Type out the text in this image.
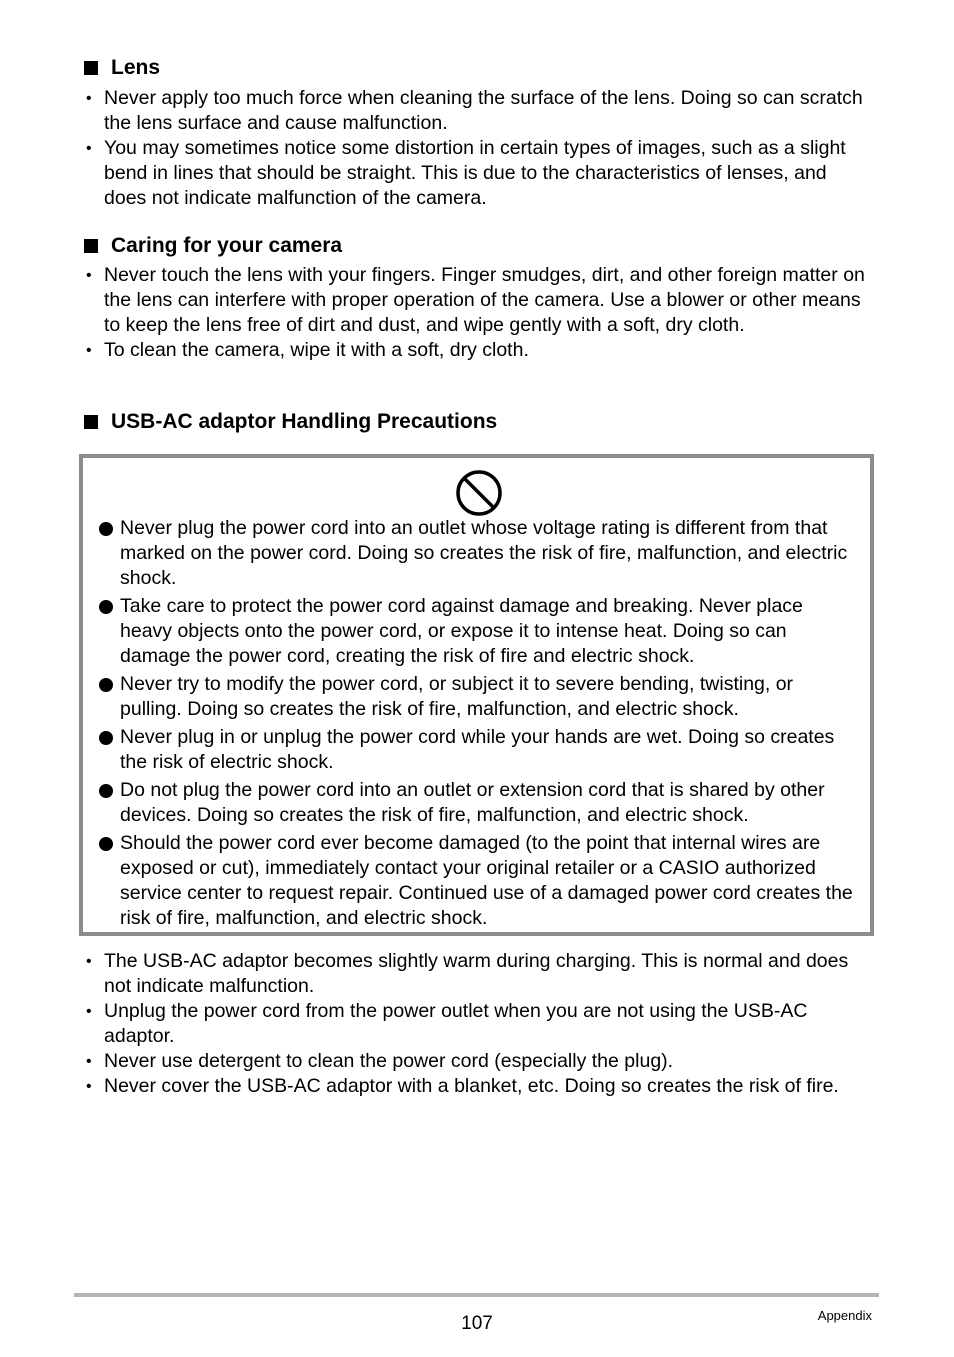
Lens
• Never apply too much force when cleaning the surface of the lens. Doing so can scratch the lens surface and cause malfunction.
• You may sometimes notice some distortion in certain types of images, such as a slight bend in lines that should be straight. This is due to the characteristics of lenses, and does not indicate malfunction of the camera.
Caring for your camera
• Never touch the lens with your fingers. Finger smudges, dirt, and other foreign matter on the lens can interfere with proper operation of the camera. Use a blower or other means to keep the lens free of dirt and dust, and wipe gently with a soft, dry cloth.
• To clean the camera, wipe it with a soft, dry cloth.
USB-AC adaptor Handling Precautions
Never plug the power cord into an outlet whose voltage rating is different from that marked on the power cord. Doing so creates the risk of fire, malfunction, and electric shock.
Take care to protect the power cord against damage and breaking. Never place heavy objects onto the power cord, or expose it to intense heat. Doing so can damage the power cord, creating the risk of fire and electric shock.
Never try to modify the power cord, or subject it to severe bending, twisting, or pulling. Doing so creates the risk of fire, malfunction, and electric shock.
Never plug in or unplug the power cord while your hands are wet. Doing so creates the risk of electric shock.
Do not plug the power cord into an outlet or extension cord that is shared by other devices. Doing so creates the risk of fire, malfunction, and electric shock.
Should the power cord ever become damaged (to the point that internal wires are exposed or cut), immediately contact your original retailer or a CASIO authorized service center to request repair. Continued use of a damaged power cord creates the risk of fire, malfunction, and electric shock.
• The USB-AC adaptor becomes slightly warm during charging. This is normal and does not indicate malfunction.
• Unplug the power cord from the power outlet when you are not using the USB-AC adaptor.
• Never use detergent to clean the power cord (especially the plug).
• Never cover the USB-AC adaptor with a blanket, etc. Doing so creates the risk of fire.
107	Appendix
